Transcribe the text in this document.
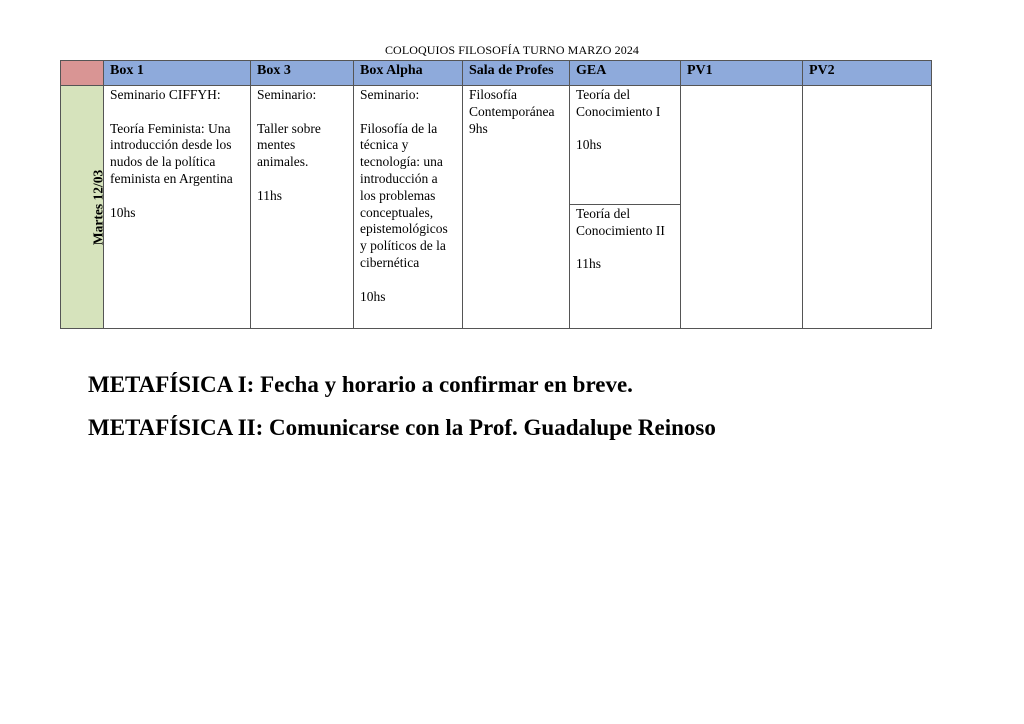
COLOQUIOS FILOSOFÍA TURNO MARZO 2024
	Box 1	Box 3	Box Alpha	Sala de Profes	GEA	PV1	PV2
Martes 12/03	Seminario CIFFYH:

Teoría Feminista: Una introducción desde los nudos de la política feminista en Argentina

10hs	Seminario:

Taller sobre mentes animales.

11hs	Seminario:

Filosofía de la técnica y tecnología: una introducción a los problemas conceptuales, epistemológicos y políticos de la cibernética

10hs	Filosofía Contemporánea 9hs	Teoría del Conocimiento I

10hs		
					Teoría del Conocimiento II

11hs		
METAFÍSICA I: Fecha y horario a confirmar en breve.
METAFÍSICA II: Comunicarse con la Prof. Guadalupe Reinoso
